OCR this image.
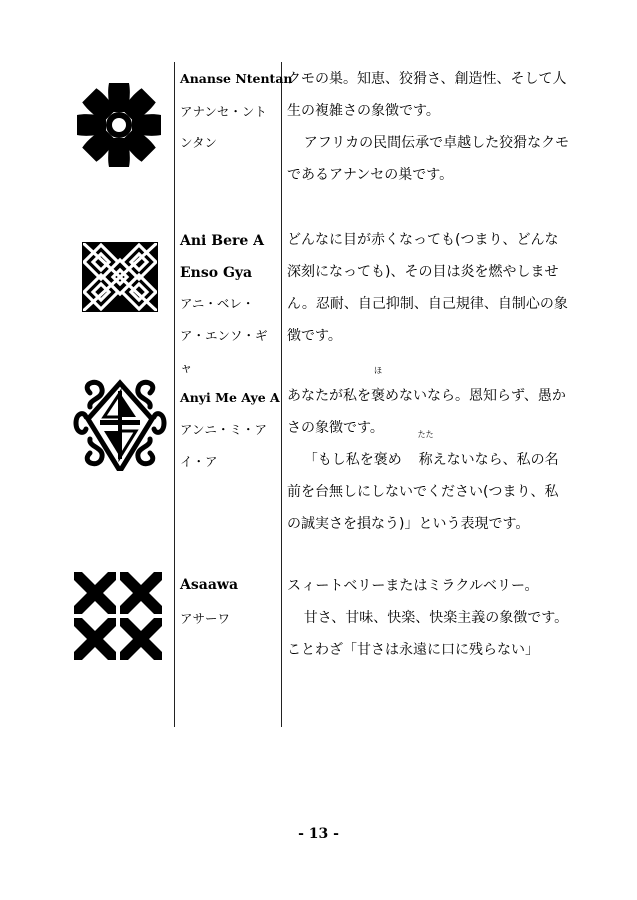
Ananse Ntentan
アナンセ・ントンタン

クモの巣。知恵、狡猾さ、創造性、そして人生の複雑さの象徴です。

アフリカの民間伝承で卓越した狡猾なクモであるアナンセの巣です。

Ani Bere A Enso Gya
アニ・ベレ・ア・エンソ・ギャ

どんなに目が赤くなっても(つまり、どんな深刻になっても)、その目は炎を燃やしません。忍耐、自己抑制、自己規律、自制心の象徴です。

Anyi Me Aye A
アンニ・ミ・アイ・ア

あなたが私を褒
ほ
めないなら。恩知らず、愚かさの象徴です。

「もし私を褒め 称
たた
えないなら、私の名前を台無しにしないでください(つまり、私の誠実さを損なう)」という表現です。

Asaawa
アサーワ

スィートベリーまたはミラクルベリー。

甘さ、甘味、快楽、快楽主義の象徴です。

ことわざ「甘さは永遠に口に残らない」

- 13 -
